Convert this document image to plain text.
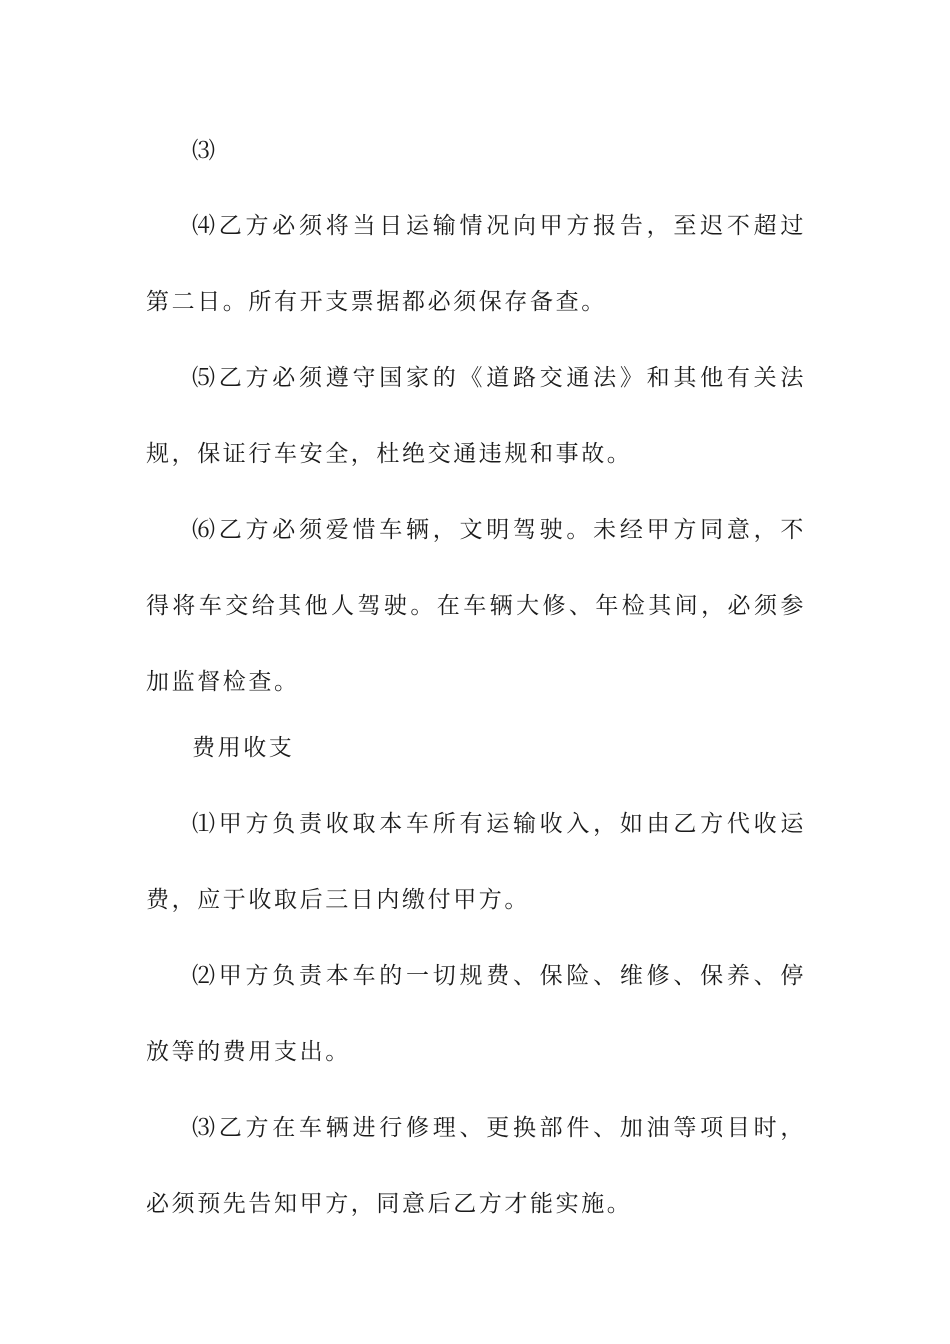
⑶

⑷乙方必须将当日运输情况向甲方报告，至迟不超过第二日。所有开支票据都必须保存备查。

⑸乙方必须遵守国家的《道路交通法》和其他有关法规，保证行车安全，杜绝交通违规和事故。

⑹乙方必须爱惜车辆，文明驾驶。未经甲方同意，不得将车交给其他人驾驶。在车辆大修、年检其间，必须参加监督检查。

费用收支

⑴甲方负责收取本车所有运输收入，如由乙方代收运费，应于收取后三日内缴付甲方。

⑵甲方负责本车的一切规费、保险、维修、保养、停放等的费用支出。

⑶乙方在车辆进行修理、更换部件、加油等项目时，必须预先告知甲方，同意后乙方才能实施。
